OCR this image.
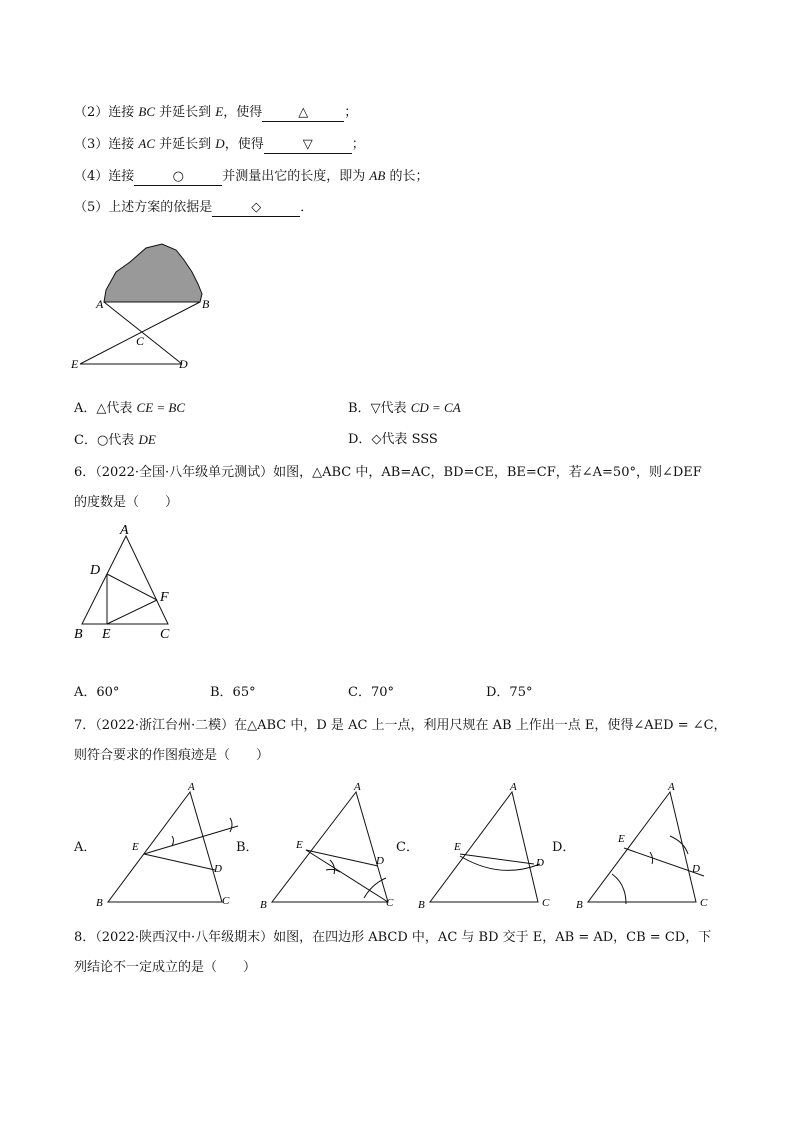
（2）连接 BC 并延长到 E，使得	△	；
（3）连接 AC 并延长到 D，使得	▽	；
（4）连接	○	并测量出它的长度，即为 AB 的长；
（5）上述方案的依据是	◇	．
A	B
C
E	D
A．△代表 CE = BC	B．▽代表 CD = CA
C．○代表 DE	D．◇代表 SSS
6．（2022·全国·八年级单元测试）如图，△ABC 中，AB=AC，BD=CE，BE=CF，若∠A=50°，则∠DEF
的度数是（　　）
A
D
F
B E	C
A．60°	B．65°	C．70°	D．75°
7．（2022·浙江台州·二模）在△ABC 中，D 是 AC 上一点，利用尺规在 AB 上作出一点 E，使得∠AED = ∠C，
则符合要求的作图痕迹是（　　）
A．	B．	C．	D．
A
E
D
B	C
A
E
D
B	C
A
E
D
B	C
A
E
D
B	C
8．（2022·陕西汉中·八年级期末）如图，在四边形 ABCD 中，AC 与 BD 交于 E，AB = AD，CB = CD，下
列结论不一定成立的是（　　）
